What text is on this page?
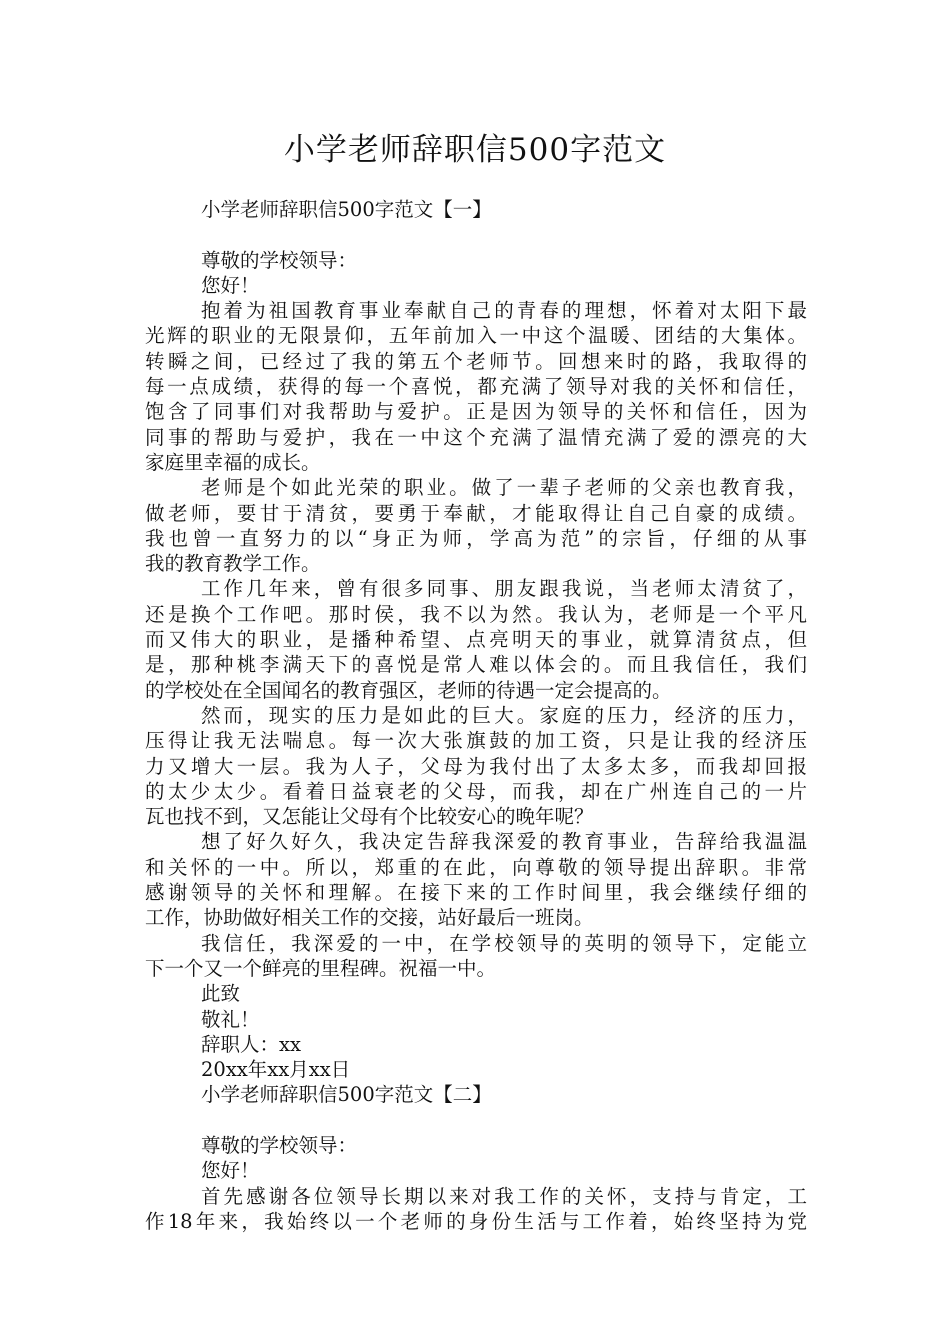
小学老师辞职信500字范文
小学老师辞职信500字范文【一】
尊敬的学校领导：
您好！
抱着为祖国教育事业奉献自己的青春的理想，怀着对太阳下最
光辉的职业的无限景仰，五年前加入一中这个温暖、团结的大集体。
转瞬之间，已经过了我的第五个老师节。回想来时的路，我取得的
每一点成绩，获得的每一个喜悦，都充满了领导对我的关怀和信任，
饱含了同事们对我帮助与爱护。正是因为领导的关怀和信任，因为
同事的帮助与爱护，我在一中这个充满了温情充满了爱的漂亮的大
家庭里幸福的成长。
老师是个如此光荣的职业。做了一辈子老师的父亲也教育我，
做老师，要甘于清贫，要勇于奉献，才能取得让自己自豪的成绩。
我也曾一直努力的以“身正为师，学高为范”的宗旨，仔细的从事
我的教育教学工作。
工作几年来，曾有很多同事、朋友跟我说，当老师太清贫了，
还是换个工作吧。那时侯，我不以为然。我认为，老师是一个平凡
而又伟大的职业，是播种希望、点亮明天的事业，就算清贫点，但
是，那种桃李满天下的喜悦是常人难以体会的。而且我信任，我们
的学校处在全国闻名的教育强区，老师的待遇一定会提高的。
然而，现实的压力是如此的巨大。家庭的压力，经济的压力，
压得让我无法喘息。每一次大张旗鼓的加工资，只是让我的经济压
力又增大一层。我为人子，父母为我付出了太多太多，而我却回报
的太少太少。看着日益衰老的父母，而我，却在广州连自己的一片
瓦也找不到，又怎能让父母有个比较安心的晚年呢？
想了好久好久，我决定告辞我深爱的教育事业，告辞给我温温
和关怀的一中。所以，郑重的在此，向尊敬的领导提出辞职。非常
感谢领导的关怀和理解。在接下来的工作时间里，我会继续仔细的
工作，协助做好相关工作的交接，站好最后一班岗。
我信任，我深爱的一中，在学校领导的英明的领导下，定能立
下一个又一个鲜亮的里程碑。祝福一中。
此致
敬礼！
辞职人：xx
20xx年xx月xx日
小学老师辞职信500字范文【二】
尊敬的学校领导：
您好！
首先感谢各位领导长期以来对我工作的关怀，支持与肯定，工
作18年来，我始终以一个老师的身份生活与工作着，始终坚持为党
